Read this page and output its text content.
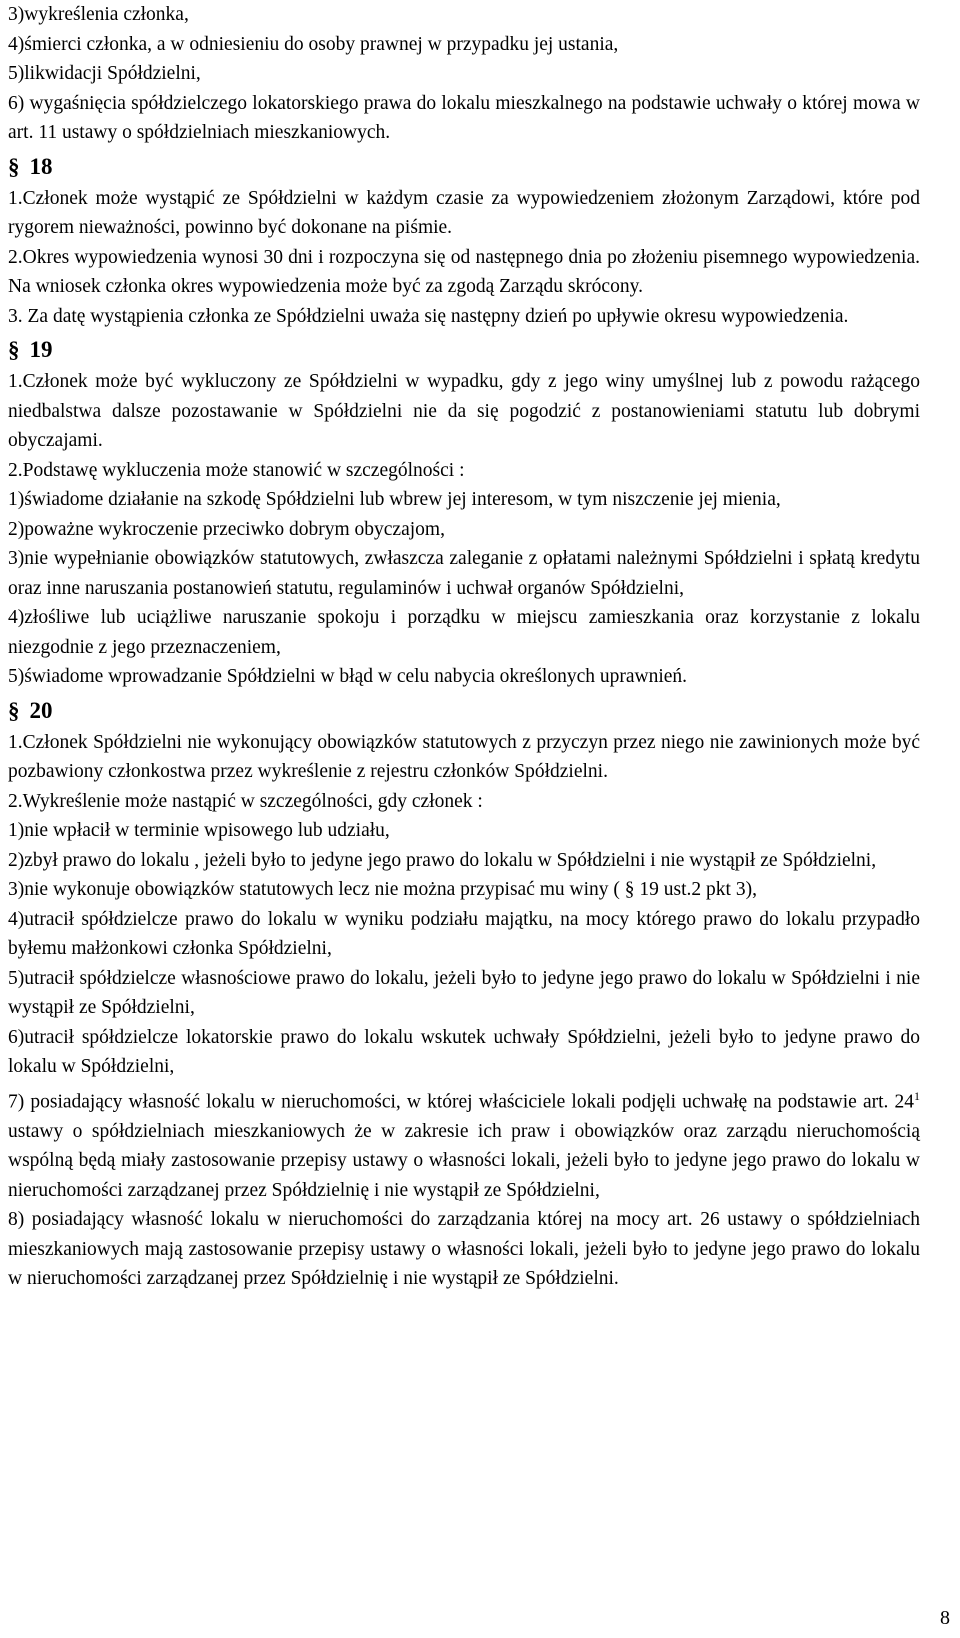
3)wykreślenia członka,

4)śmierci członka, a w odniesieniu do osoby prawnej w przypadku jej ustania,

5)likwidacji Spółdzielni,

6) wygaśnięcia spółdzielczego lokatorskiego prawa do lokalu mieszkalnego na podstawie uchwały o której mowa w art. 11 ustawy o spółdzielniach mieszkaniowych.

§ 18

1.Członek może wystąpić ze Spółdzielni w każdym czasie za wypowiedzeniem złożonym Zarządowi, które pod rygorem nieważności, powinno być dokonane na piśmie.

2.Okres wypowiedzenia wynosi 30 dni i rozpoczyna się od następnego dnia po złożeniu pisemnego wypowiedzenia. Na wniosek członka okres wypowiedzenia może być za zgodą Zarządu skrócony.

3. Za datę wystąpienia członka ze Spółdzielni uważa się następny dzień po upływie okresu wypowiedzenia.

§ 19

1.Członek może być wykluczony ze Spółdzielni w wypadku, gdy z jego winy umyślnej lub z powodu rażącego niedbalstwa dalsze pozostawanie w Spółdzielni nie da się pogodzić z postanowieniami statutu lub dobrymi obyczajami.

2.Podstawę wykluczenia może stanowić w szczególności :

1)świadome działanie na szkodę Spółdzielni lub wbrew jej interesom, w tym niszczenie jej mienia,

2)poważne wykroczenie przeciwko dobrym obyczajom,

3)nie wypełnianie obowiązków statutowych, zwłaszcza zaleganie z opłatami należnymi Spółdzielni i spłatą kredytu oraz inne naruszania postanowień statutu, regulaminów i uchwał organów Spółdzielni,

4)złośliwe lub uciążliwe naruszanie spokoju i porządku w miejscu zamieszkania oraz korzystanie z lokalu niezgodnie z jego przeznaczeniem,

5)świadome wprowadzanie Spółdzielni w błąd w celu nabycia określonych uprawnień.

§ 20

1.Członek Spółdzielni nie wykonujący obowiązków statutowych z przyczyn przez niego nie zawinionych może być pozbawiony członkostwa przez wykreślenie z rejestru członków Spółdzielni.

2.Wykreślenie może nastąpić w szczególności, gdy członek :

1)nie wpłacił w terminie wpisowego lub udziału,

2)zbył prawo do lokalu , jeżeli było to jedyne jego prawo do lokalu w Spółdzielni i nie wystąpił ze Spółdzielni,

3)nie wykonuje obowiązków statutowych lecz nie można przypisać mu winy ( § 19 ust.2 pkt 3),

4)utracił spółdzielcze prawo do lokalu w wyniku podziału majątku, na mocy którego prawo do lokalu przypadło byłemu małżonkowi członka Spółdzielni,

5)utracił spółdzielcze własnościowe prawo do lokalu, jeżeli było to jedyne jego prawo do lokalu w Spółdzielni i nie wystąpił ze Spółdzielni,

6)utracił spółdzielcze lokatorskie prawo do lokalu wskutek uchwały Spółdzielni, jeżeli było to jedyne prawo do lokalu w Spółdzielni,

7) posiadający własność lokalu w nieruchomości, w której właściciele lokali podjęli uchwałę na podstawie art. $24^1$ ustawy o spółdzielniach mieszkaniowych że w zakresie ich praw i obowiązków oraz zarządu nieruchomością wspólną będą miały zastosowanie przepisy ustawy o własności lokali, jeżeli było to jedyne jego prawo do lokalu w nieruchomości zarządzanej przez Spółdzielnię i nie wystąpił ze Spółdzielni,

8) posiadający własność lokalu w nieruchomości do zarządzania której na mocy art. 26 ustawy o spółdzielniach mieszkaniowych mają zastosowanie przepisy ustawy o własności lokali, jeżeli było to jedyne jego prawo do lokalu w nieruchomości zarządzanej przez Spółdzielnię i nie wystąpił ze Spółdzielni.

8
